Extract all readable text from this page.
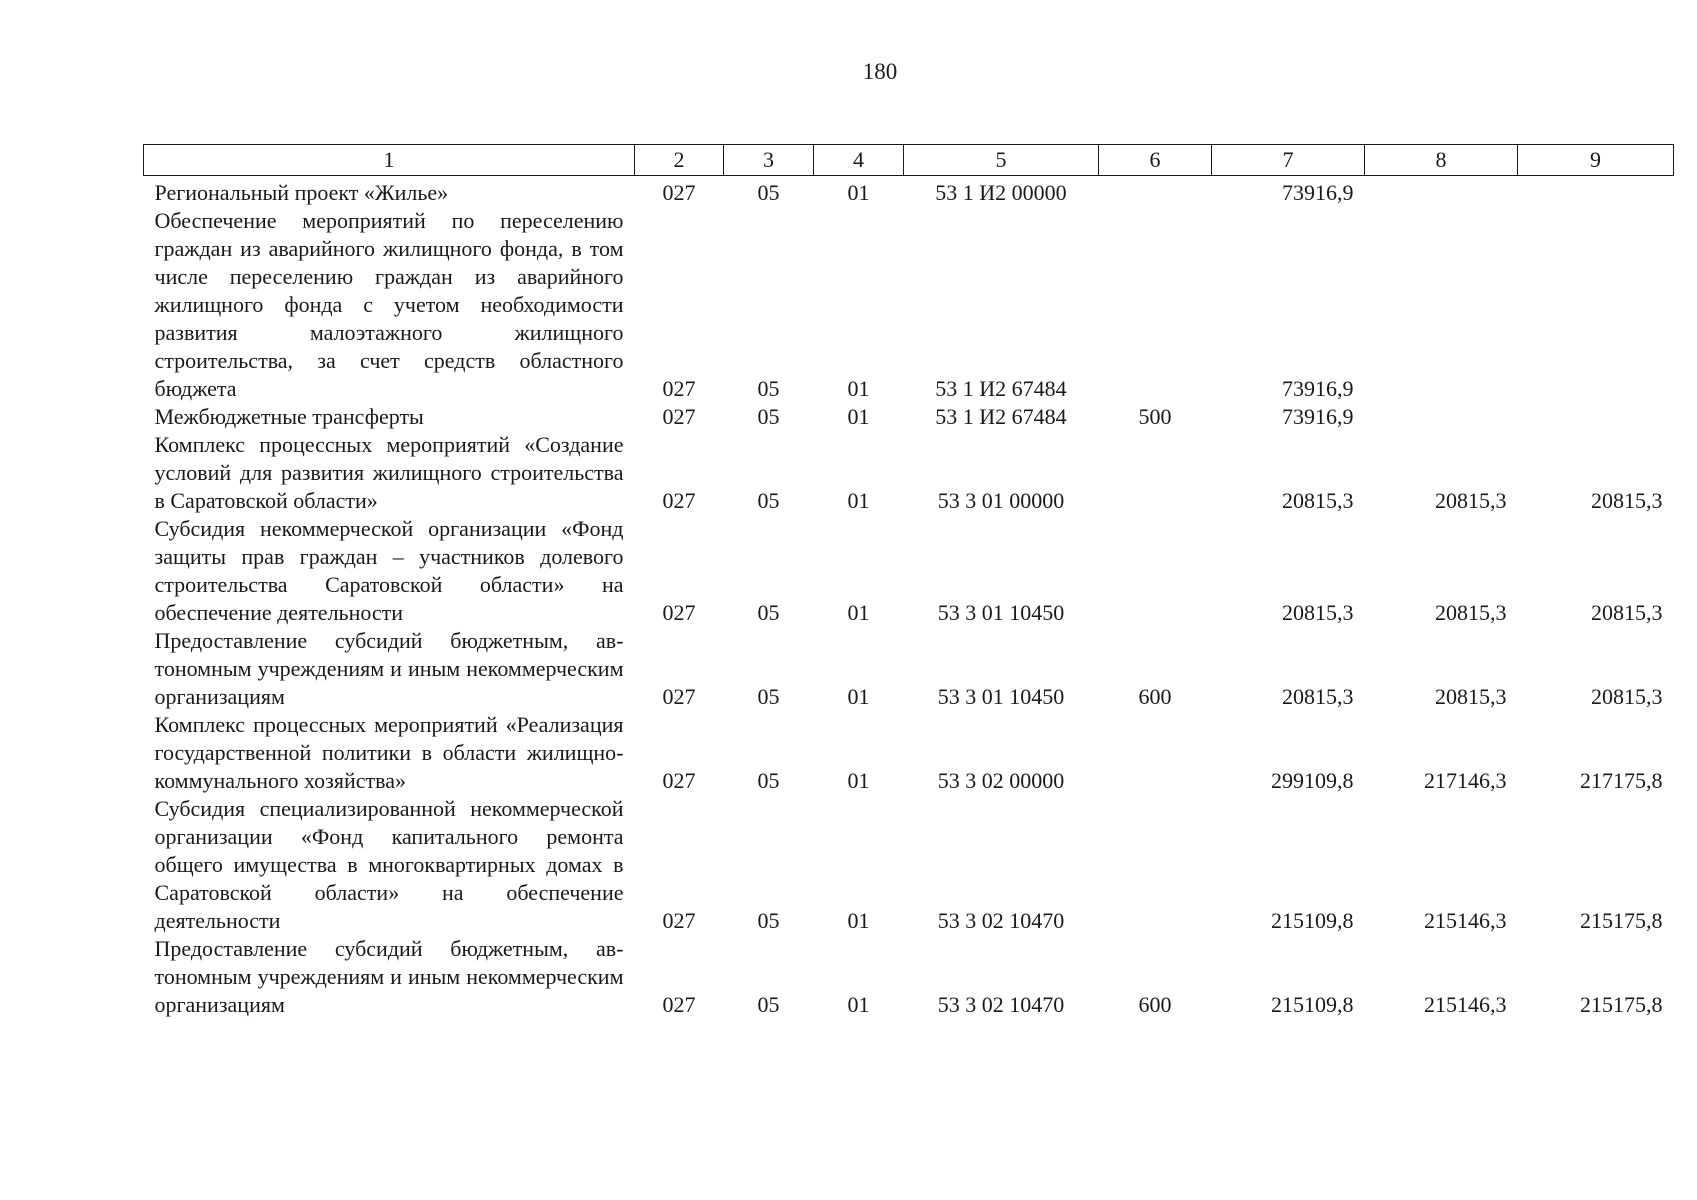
180
1	2	3	4	5	6	7	8	9
Региональный проект «Жилье»	027	05	01	53 1 И2 00000		73916,9		
Обеспечение мероприятий по переселению граждан из аварийного жилищного фонда, в том числе переселению граждан из аварийного жилищного фонда с учетом необходимости развития малоэтажного жилищного строительства, за счет средств областного бюджета	027	05	01	53 1 И2 67484		73916,9		
Межбюджетные трансферты	027	05	01	53 1 И2 67484	500	73916,9		
Комплекс процессных мероприятий «Создание условий для развития жилищного строительства в Саратовской области»	027	05	01	53 3 01 00000		20815,3	20815,3	20815,3
Субсидия некоммерческой организации «Фонд защиты прав граждан – участников долевого строительства Саратовской области» на обеспечение деятельности	027	05	01	53 3 01 10450		20815,3	20815,3	20815,3
Предоставление субсидий бюджетным, автономным учреждениям и иным некоммерческим организациям	027	05	01	53 3 01 10450	600	20815,3	20815,3	20815,3
Комплекс процессных мероприятий «Реализация государственной политики в области жилищно-коммунального хозяйства»	027	05	01	53 3 02 00000		299109,8	217146,3	217175,8
Субсидия специализированной некоммерческой организации «Фонд капитального ремонта общего имущества в многоквартирных домах в Саратовской области» на обеспечение деятельности	027	05	01	53 3 02 10470		215109,8	215146,3	215175,8
Предоставление субсидий бюджетным, автономным учреждениям и иным некоммерческим организациям	027	05	01	53 3 02 10470	600	215109,8	215146,3	215175,8
